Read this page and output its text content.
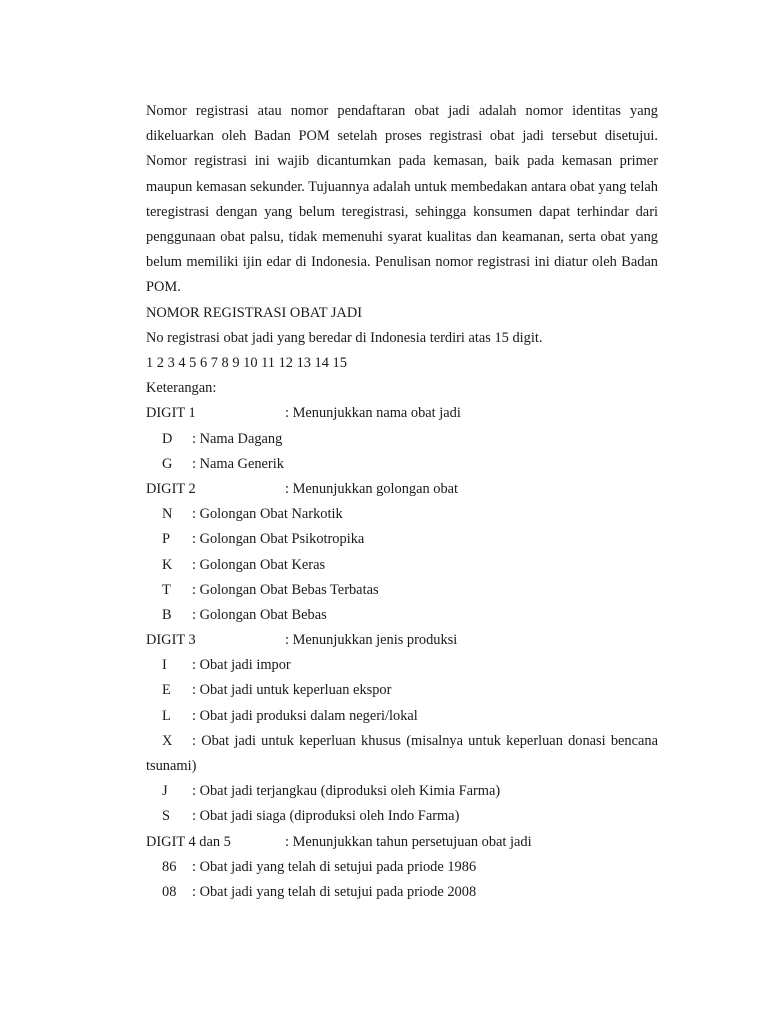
Nomor registrasi atau nomor pendaftaran obat jadi adalah nomor identitas yang dikeluarkan oleh Badan POM setelah proses registrasi obat jadi tersebut disetujui. Nomor registrasi ini wajib dicantumkan pada kemasan, baik pada kemasan primer maupun kemasan sekunder. Tujuannya adalah untuk membedakan antara obat yang telah teregistrasi dengan yang belum teregistrasi, sehingga konsumen dapat terhindar dari penggunaan obat palsu, tidak memenuhi syarat kualitas dan keamanan, serta obat yang belum memiliki ijin edar di Indonesia. Penulisan nomor registrasi ini diatur oleh Badan POM.

NOMOR REGISTRASI OBAT JADI
No registrasi obat jadi yang beredar di Indonesia terdiri atas 15 digit.
1 2 3 4 5 6 7 8 9 10 11 12 13 14 15
Keterangan:
DIGIT 1	: Menunjukkan nama obat jadi
D : Nama Dagang
G : Nama Generik
DIGIT 2	: Menunjukkan golongan obat
N : Golongan Obat Narkotik
P : Golongan Obat Psikotropika
K : Golongan Obat Keras
T : Golongan Obat Bebas Terbatas
B : Golongan Obat Bebas
DIGIT 3	: Menunjukkan jenis produksi
I : Obat jadi impor
E : Obat jadi untuk keperluan ekspor
L : Obat jadi produksi dalam negeri/lokal
X : Obat jadi untuk keperluan khusus (misalnya untuk keperluan donasi bencana tsunami)
J : Obat jadi terjangkau (diproduksi oleh Kimia Farma)
S : Obat jadi siaga (diproduksi oleh Indo Farma)
DIGIT 4 dan 5	: Menunjukkan tahun persetujuan obat jadi
86 : Obat jadi yang telah di setujui pada priode 1986
08 : Obat jadi yang telah di setujui pada priode 2008
